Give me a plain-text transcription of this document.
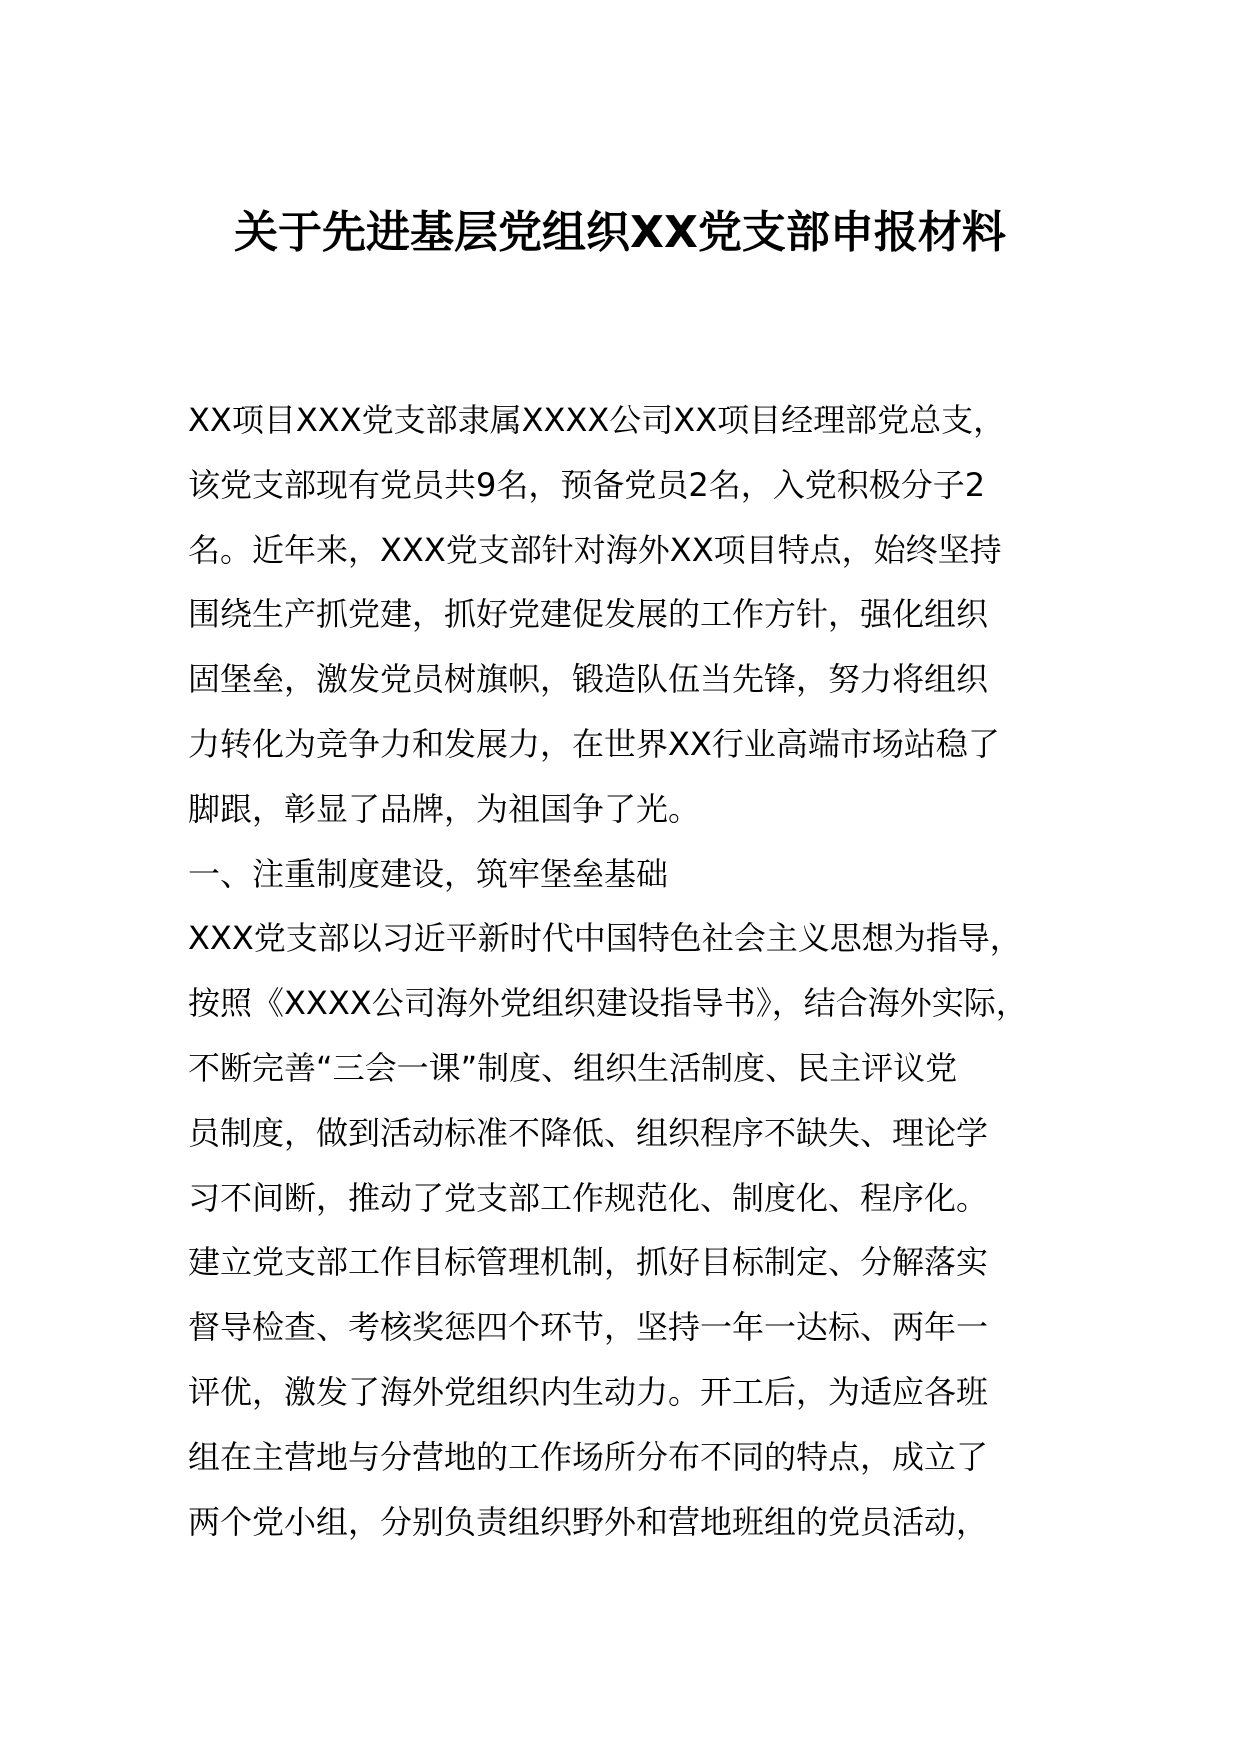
关于先进基层党组织XX党支部申报材料
XX项目XXX党支部隶属XXXX公司XX项目经理部党总支，
该党支部现有党员共9名，预备党员2名，入党积极分子2
名。近年来，XXX党支部针对海外XX项目特点，始终坚持
围绕生产抓党建，抓好党建促发展的工作方针，强化组织
固堡垒，激发党员树旗帜，锻造队伍当先锋，努力将组织
力转化为竞争力和发展力，在世界XX行业高端市场站稳了
脚跟，彰显了品牌，为祖国争了光。
一、注重制度建设，筑牢堡垒基础
XXX党支部以习近平新时代中国特色社会主义思想为指导，
按照《XXXX公司海外党组织建设指导书》，结合海外实际，
不断完善“三会一课”制度、组织生活制度、民主评议党
员制度，做到活动标准不降低、组织程序不缺失、理论学
习不间断，推动了党支部工作规范化、制度化、程序化。
建立党支部工作目标管理机制，抓好目标制定、分解落实
督导检查、考核奖惩四个环节，坚持一年一达标、两年一
评优，激发了海外党组织内生动力。开工后，为适应各班
组在主营地与分营地的工作场所分布不同的特点，成立了
两个党小组，分别负责组织野外和营地班组的党员活动，
